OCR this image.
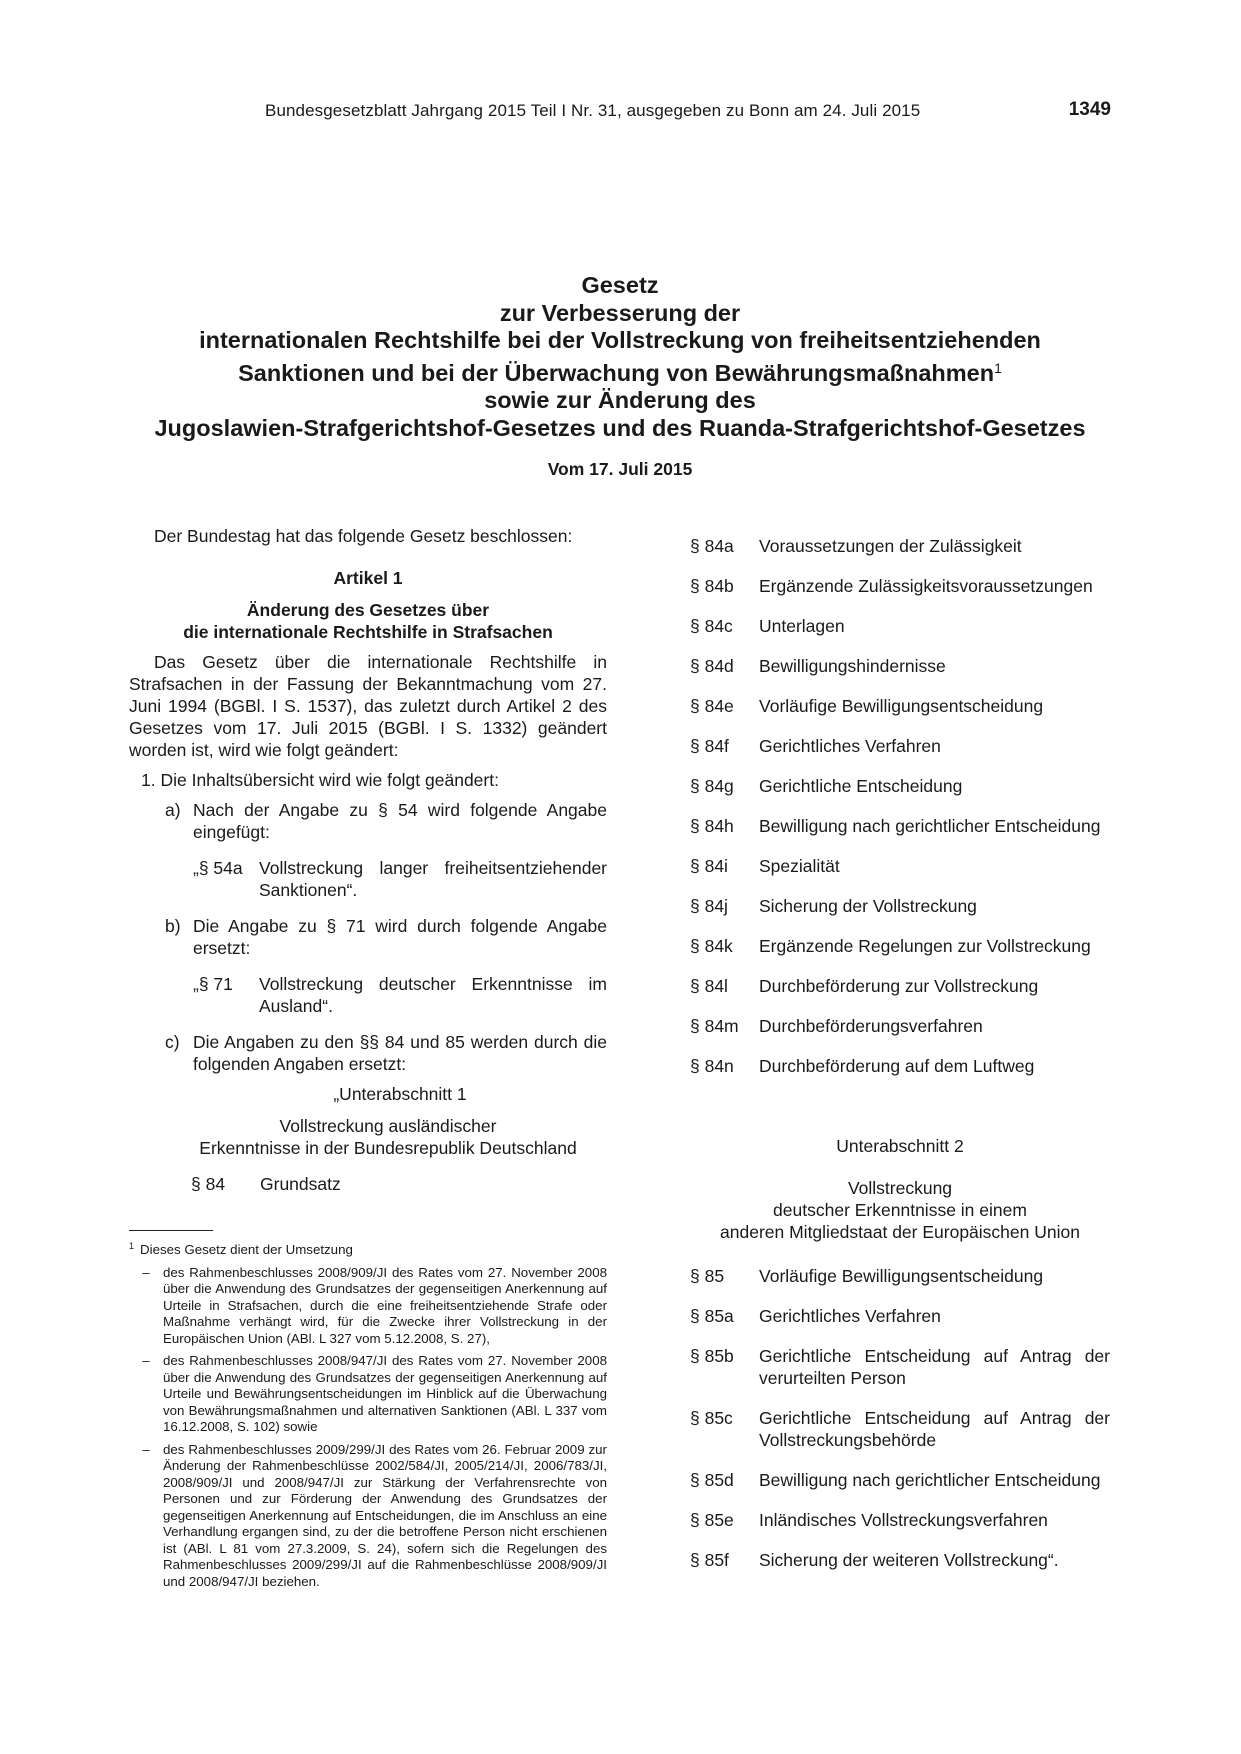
Bundesgesetzblatt Jahrgang 2015 Teil I Nr. 31, ausgegeben zu Bonn am 24. Juli 2015	1349
Gesetz
zur Verbesserung der
internationalen Rechtshilfe bei der Vollstreckung von freiheitsentziehenden
Sanktionen und bei der Überwachung von Bewährungsmaßnahmen$^1$
sowie zur Änderung des
Jugoslawien-Strafgerichtshof-Gesetzes und des Ruanda-Strafgerichtshof-Gesetzes
Vom 17. Juli 2015

Der Bundestag hat das folgende Gesetz beschlossen:

Artikel 1

Änderung des Gesetzes über

die internationale Rechtshilfe in Strafsachen

Das Gesetz über die internationale Rechtshilfe in Strafsachen in der Fassung der Bekanntmachung vom 27. Juni 1994 (BGBl. I S. 1537), das zuletzt durch Artikel 2 des Gesetzes vom 17. Juli 2015 (BGBl. I S. 1332) geändert worden ist, wird wie folgt geändert:

1. Die Inhaltsübersicht wird wie folgt geändert:

a) Nach der Angabe zu § 54 wird folgende Angabe eingefügt:
„§ 54a Vollstreckung langer freiheitsentziehender Sanktionen“.
b) Die Angabe zu § 71 wird durch folgende Angabe ersetzt:
„§ 71	Vollstreckung deutscher Erkenntnisse im Ausland“.
c) Die Angaben zu den §§ 84 und 85 werden durch die folgenden Angaben ersetzt:

„Unterabschnitt 1

Vollstreckung ausländischer

Erkenntnisse in der Bundesrepublik Deutschland

§ 84	Grundsatz
§ 84a	Voraussetzungen der Zulässigkeit
§ 84b	Ergänzende Zulässigkeitsvoraussetzungen
§ 84c	Unterlagen
§ 84d	Bewilligungshindernisse
§ 84e	Vorläufige Bewilligungsentscheidung
§ 84f	Gerichtliches Verfahren
§ 84g	Gerichtliche Entscheidung
§ 84h	Bewilligung nach gerichtlicher Entscheidung
§ 84i	Spezialität
§ 84j	Sicherung der Vollstreckung
§ 84k	Ergänzende Regelungen zur Vollstreckung
§ 84l	Durchbeförderung zur Vollstreckung
§ 84m	Durchbeförderungsverfahren
§ 84n	Durchbeförderung auf dem Luftweg

Unterabschnitt 2

Vollstreckung

deutscher Erkenntnisse in einem

anderen Mitgliedstaat der Europäischen Union

§ 85	Vorläufige Bewilligungsentscheidung
§ 85a	Gerichtliches Verfahren
§ 85b	Gerichtliche Entscheidung auf Antrag der verurteilten Person
§ 85c	Gerichtliche Entscheidung auf Antrag der Vollstreckungsbehörde
§ 85d	Bewilligung nach gerichtlicher Entscheidung
§ 85e	Inländisches Vollstreckungsverfahren
§ 85f	Sicherung der weiteren Vollstreckung“.
$^1$ Dieses Gesetz dient der Umsetzung
– des Rahmenbeschlusses 2008/909/JI des Rates vom 27. November 2008 über die Anwendung des Grundsatzes der gegenseitigen Anerkennung auf Urteile in Strafsachen, durch die eine freiheitsentziehende Strafe oder Maßnahme verhängt wird, für die Zwecke ihrer Vollstreckung in der Europäischen Union (ABl. L 327 vom 5.12.2008, S. 27),
– des Rahmenbeschlusses 2008/947/JI des Rates vom 27. November 2008 über die Anwendung des Grundsatzes der gegenseitigen Anerkennung auf Urteile und Bewährungsentscheidungen im Hinblick auf die Überwachung von Bewährungsmaßnahmen und alternativen Sanktionen (ABl. L 337 vom 16.12.2008, S. 102) sowie
– des Rahmenbeschlusses 2009/299/JI des Rates vom 26. Februar 2009 zur Änderung der Rahmenbeschlüsse 2002/584/JI, 2005/214/JI, 2006/783/JI, 2008/909/JI und 2008/947/JI zur Stärkung der Verfahrensrechte von Personen und zur Förderung der Anwendung des Grundsatzes der gegenseitigen Anerkennung auf Entscheidungen, die im Anschluss an eine Verhandlung ergangen sind, zu der die betroffene Person nicht erschienen ist (ABl. L 81 vom 27.3.2009, S. 24), sofern sich die Regelungen des Rahmenbeschlusses 2009/299/JI auf die Rahmenbeschlüsse 2008/909/JI und 2008/947/JI beziehen.
